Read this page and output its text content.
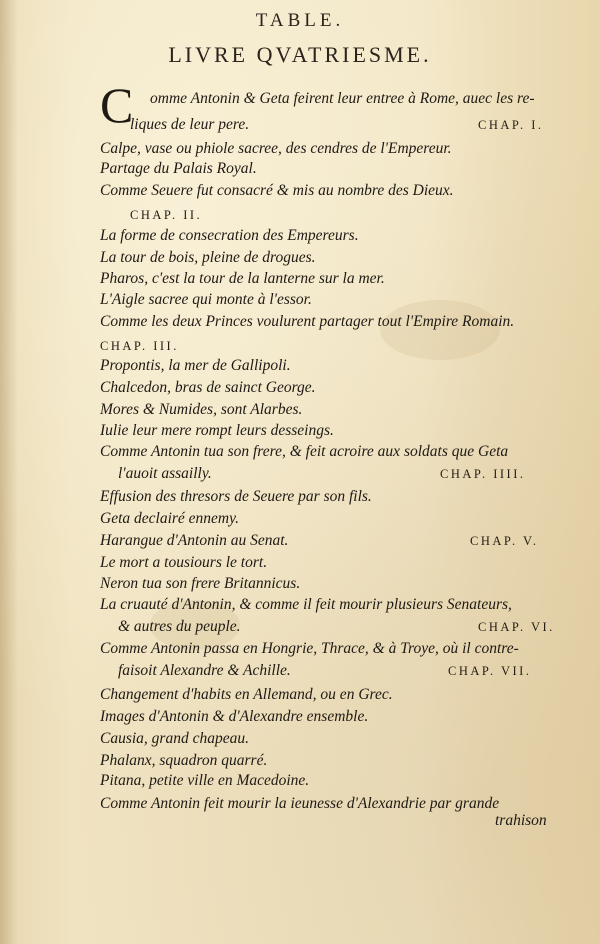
TABLE.
LIVRE QVATRIESME.
C omme Antonin & Geta feirent leur entree à Rome, auec les re-
liques de leur pere.	CHAP. I.
Calpe, vase ou phiole sacree, des cendres de l'Empereur.
Partage du Palais Royal.
Comme Seuere fut consacré & mis au nombre des Dieux.
CHAP. II.
La forme de consecration des Empereurs.
La tour de bois, pleine de drogues.
Pharos, c'est la tour de la lanterne sur la mer.
L'Aigle sacree qui monte à l'essor.
Comme les deux Princes voulurent partager tout l'Empire Romain.
CHAP. III.
Propontis, la mer de Gallipoli.
Chalcedon, bras de sainct George.
Mores & Numides, sont Alarbes.
Iulie leur mere rompt leurs desseings.
Comme Antonin tua son frere, & feit acroire aux soldats que Geta
l'auoit assailly.	CHAP. IIII.
Effusion des thresors de Seuere par son fils.
Geta declairé ennemy.
Harangue d'Antonin au Senat.	CHAP. V.
Le mort a tousiours le tort.
Neron tua son frere Britannicus.
La cruauté d'Antonin, & comme il feit mourir plusieurs Senateurs,
& autres du peuple.	CHAP. VI.
Comme Antonin passa en Hongrie, Thrace, & à Troye, où il contre-
faisoit Alexandre & Achille.	CHAP. VII.
Changement d'habits en Allemand, ou en Grec.
Images d'Antonin & d'Alexandre ensemble.
Causia, grand chapeau.
Phalanx, squadron quarré.
Pitana, petite ville en Macedoine.
Comme Antonin feit mourir la ieunesse d'Alexandrie par grande
trahison
